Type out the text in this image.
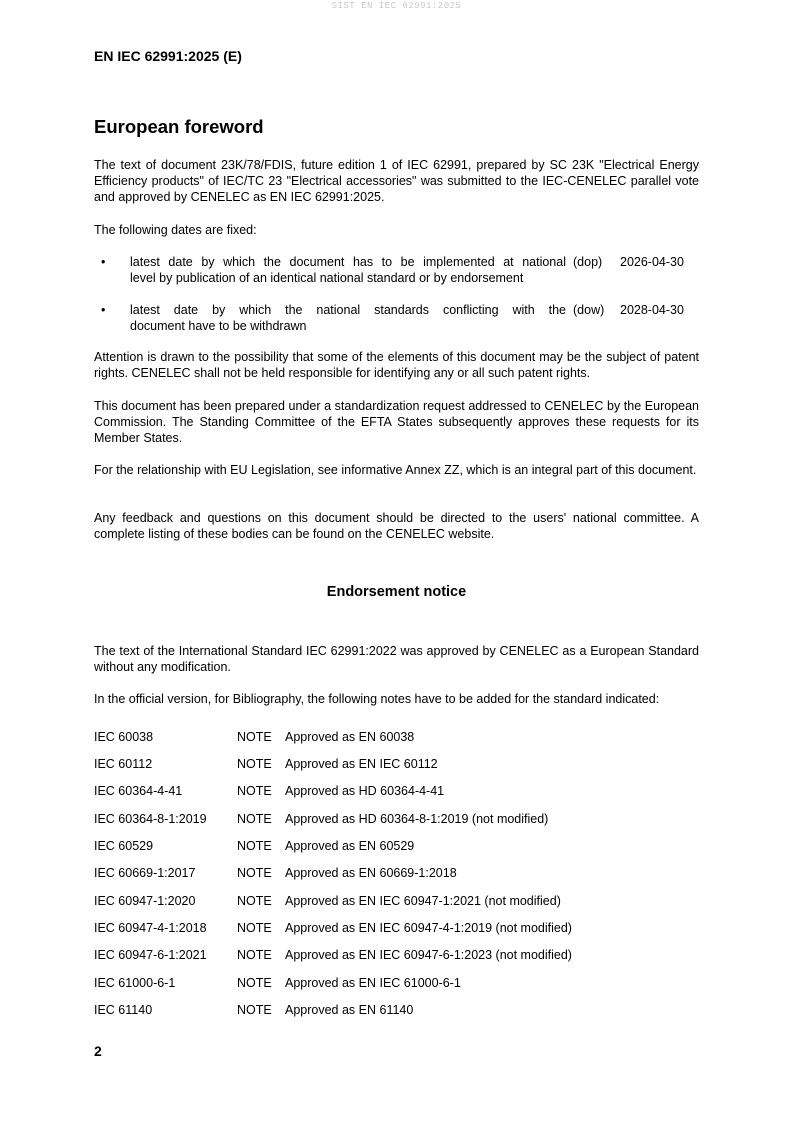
SIST EN IEC 62991:2025
EN IEC 62991:2025 (E)
European foreword

The text of document 23K/78/FDIS, future edition 1 of IEC 62991, prepared by SC 23K "Electrical Energy Efficiency products" of IEC/TC 23 "Electrical accessories" was submitted to the IEC-CENELEC parallel vote and approved by CENELEC as EN IEC 62991:2025.

The following dates are fixed:

• latest date by which the document has to be implemented at national
level by publication of an identical national standard or by endorsement
(dop) 2026-04-30
• latest date by which the national standards conflicting with the
document have to be withdrawn
(dow) 2028-04-30

Attention is drawn to the possibility that some of the elements of this document may be the subject of patent rights. CENELEC shall not be held responsible for identifying any or all such patent rights.

This document has been prepared under a standardization request addressed to CENELEC by the European Commission. The Standing Committee of the EFTA States subsequently approves these requests for its Member States.

For the relationship with EU Legislation, see informative Annex ZZ, which is an integral part of this document.

Any feedback and questions on this document should be directed to the users' national committee. A complete listing of these bodies can be found on the CENELEC website.

Endorsement notice

The text of the International Standard IEC 62991:2022 was approved by CENELEC as a European Standard without any modification.

In the official version, for Bibliography, the following notes have to be added for the standard indicated:

IEC 60038	NOTE Approved as EN 60038
IEC 60112	NOTE Approved as EN IEC 60112
IEC 60364-4-41	NOTE Approved as HD 60364-4-41
IEC 60364-8-1:2019 NOTE Approved as HD 60364-8-1:2019 (not modified)
IEC 60529	NOTE Approved as EN 60529
IEC 60669-1:2017	NOTE Approved as EN 60669-1:2018
IEC 60947-1:2020	NOTE Approved as EN IEC 60947-1:2021 (not modified)
IEC 60947-4-1:2018 NOTE Approved as EN IEC 60947-4-1:2019 (not modified)
IEC 60947-6-1:2021 NOTE Approved as EN IEC 60947-6-1:2023 (not modified)
IEC 61000-6-1	NOTE Approved as EN IEC 61000-6-1
IEC 61140	NOTE Approved as EN 61140
2
